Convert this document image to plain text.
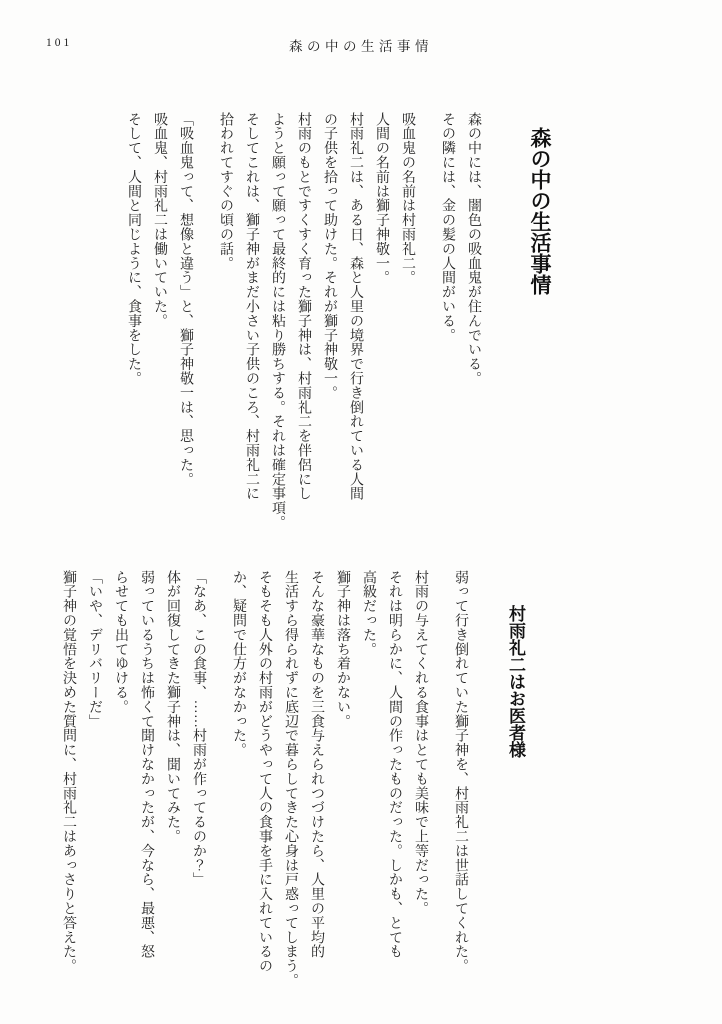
101	森の中の生活事情
森の中の生活事情

森の中には、闇色の吸血鬼が住んでいる。

その隣には、金の髪の人間がいる。

吸血鬼の名前は村雨礼二。

人間の名前は獅子神敬一。

村雨礼二は、ある日、森と人里の境界で行き倒れている人間

の子供を拾って助けた。それが獅子神敬一。

村雨のもとですくすく育った獅子神は、村雨礼二を伴侶にし

ようと願って願って最終的には粘り勝ちする。それは確定事項。

そしてこれは、獅子神がまだ小さい子供のころ、村雨礼二に

拾われてすぐの頃の話。

「吸血鬼って、想像と違う」と、獅子神敬一は、思った。

吸血鬼、村雨礼二は働いていた。

そして、人間と同じように、食事をした。

村雨礼二はお医者様

弱って行き倒れていた獅子神を、村雨礼二は世話してくれた。

村雨の与えてくれる食事はとても美味で上等だった。

それは明らかに、人間の作ったものだった。しかも、とても

高級だった。

獅子神は落ち着かない。

そんな豪華なものを三食与えられつづけたら、人里の平均的

生活すら得られずに底辺で暮らしてきた心身は戸惑ってしまう。

そもそも人外の村雨がどうやって人の食事を手に入れているの

か、疑問で仕方がなかった。

「なあ、この食事、……村雨が作ってるのか？」

体が回復してきた獅子神は、聞いてみた。

弱っているうちは怖くて聞けなかったが、今なら、最悪、怒

らせても出てゆける。

「いや、デリバリーだ」

獅子神の覚悟を決めた質問に、村雨礼二はあっさりと答えた。
